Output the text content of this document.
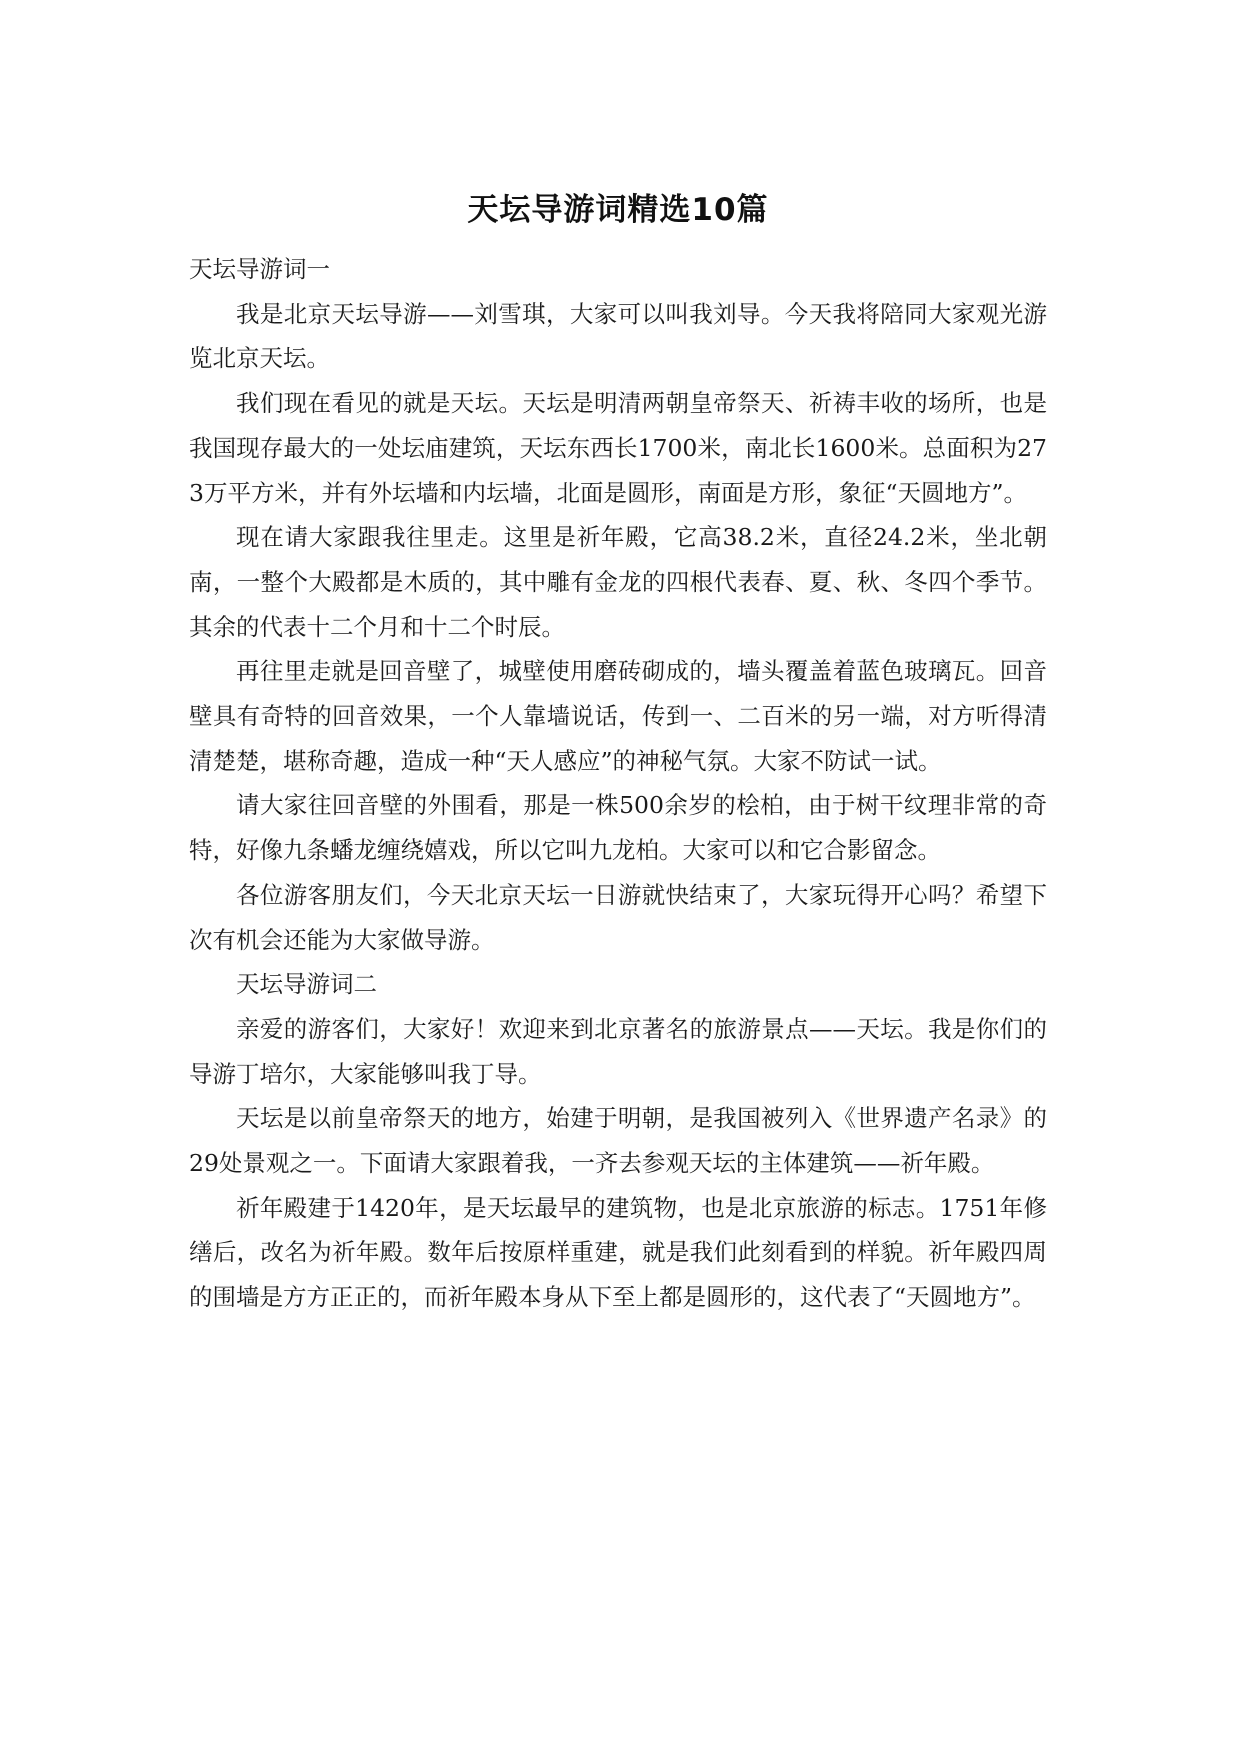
天坛导游词精选10篇

天坛导游词一

我是北京天坛导游——刘雪琪，大家可以叫我刘导。今天我将陪同大家观光游览北京天坛。

我们现在看见的就是天坛。天坛是明清两朝皇帝祭天、祈祷丰收的场所，也是我国现存最大的一处坛庙建筑，天坛东西长1700米，南北长1600米。总面积为273万平方米，并有外坛墙和内坛墙，北面是圆形，南面是方形，象征“天圆地方”。

现在请大家跟我往里走。这里是祈年殿，它高38.2米，直径24.2米，坐北朝南，一整个大殿都是木质的，其中雕有金龙的四根代表春、夏、秋、冬四个季节。其余的代表十二个月和十二个时辰。

再往里走就是回音壁了，城壁使用磨砖砌成的，墙头覆盖着蓝色玻璃瓦。回音壁具有奇特的回音效果，一个人靠墙说话，传到一、二百米的另一端，对方听得清清楚楚，堪称奇趣，造成一种“天人感应”的神秘气氛。大家不防试一试。

请大家往回音壁的外围看，那是一株500余岁的桧柏，由于树干纹理非常的奇特，好像九条蟠龙缠绕嬉戏，所以它叫九龙柏。大家可以和它合影留念。

各位游客朋友们，今天北京天坛一日游就快结束了，大家玩得开心吗？希望下次有机会还能为大家做导游。

天坛导游词二

亲爱的游客们，大家好！欢迎来到北京著名的旅游景点——天坛。我是你们的导游丁培尔，大家能够叫我丁导。

天坛是以前皇帝祭天的地方，始建于明朝，是我国被列入《世界遗产名录》的29处景观之一。下面请大家跟着我，一齐去参观天坛的主体建筑——祈年殿。

祈年殿建于1420年，是天坛最早的建筑物，也是北京旅游的标志。1751年修缮后，改名为祈年殿。数年后按原样重建，就是我们此刻看到的样貌。祈年殿四周的围墙是方方正正的，而祈年殿本身从下至上都是圆形的，这代表了“天圆地方”。
